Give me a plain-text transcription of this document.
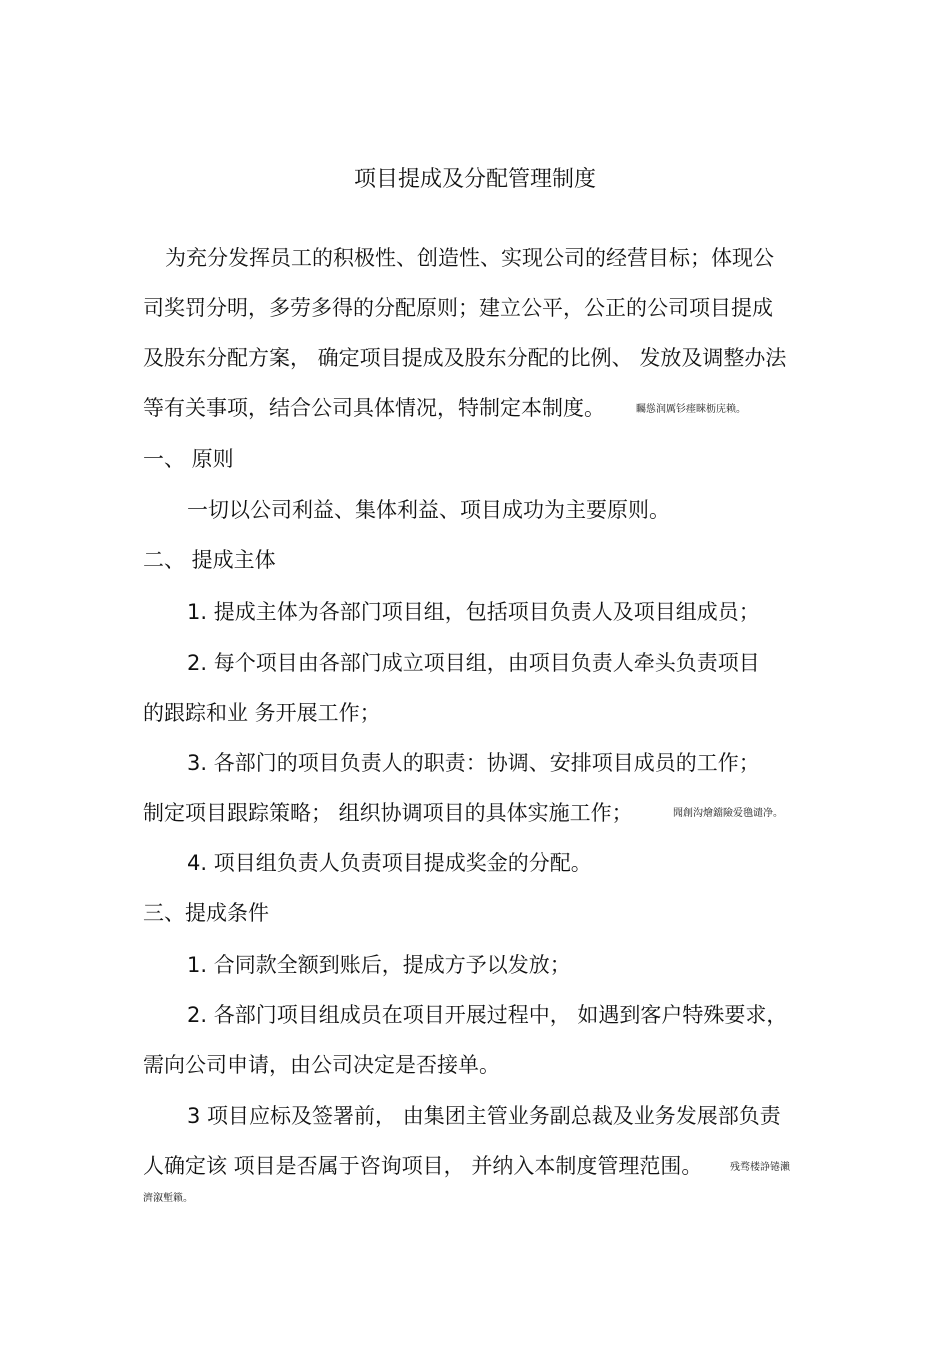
项目提成及分配管理制度
为充分发挥员工的积极性、创造性、实现公司的经营目标；体现公
司奖罚分明，多劳多得的分配原则；建立公平，公正的公司项目提成
及股东分配方案， 确定项目提成及股东分配的比例、 发放及调整办法
等有关事项，结合公司具体情况，特制定本制度。	矚慫润厲钐瘗睞枥庑赖。
一、 原则
一切以公司利益、集体利益、项目成功为主要原则。
二、 提成主体
1. 提成主体为各部门项目组，包括项目负责人及项目组成员；
2. 每个项目由各部门成立项目组，由项目负责人牵头负责项目
的跟踪和业 务开展工作；
3. 各部门的项目负责人的职责：协调、安排项目成员的工作；
制定项目跟踪策略； 组织协调项目的具体实施工作；	聞創沟燴鐺險爱氇谴净。
4. 项目组负责人负责项目提成奖金的分配。
三、提成条件
1. 合同款全额到账后，提成方予以发放；
2. 各部门项目组成员在项目开展过程中， 如遇到客户特殊要求，
需向公司申请，由公司决定是否接单。
3 项目应标及签署前， 由集团主管业务副总裁及业务发展部负责
人确定该 项目是否属于咨询项目， 并纳入本制度管理范围。	残骛楼諍锩瀨
濟溆塹籟。
